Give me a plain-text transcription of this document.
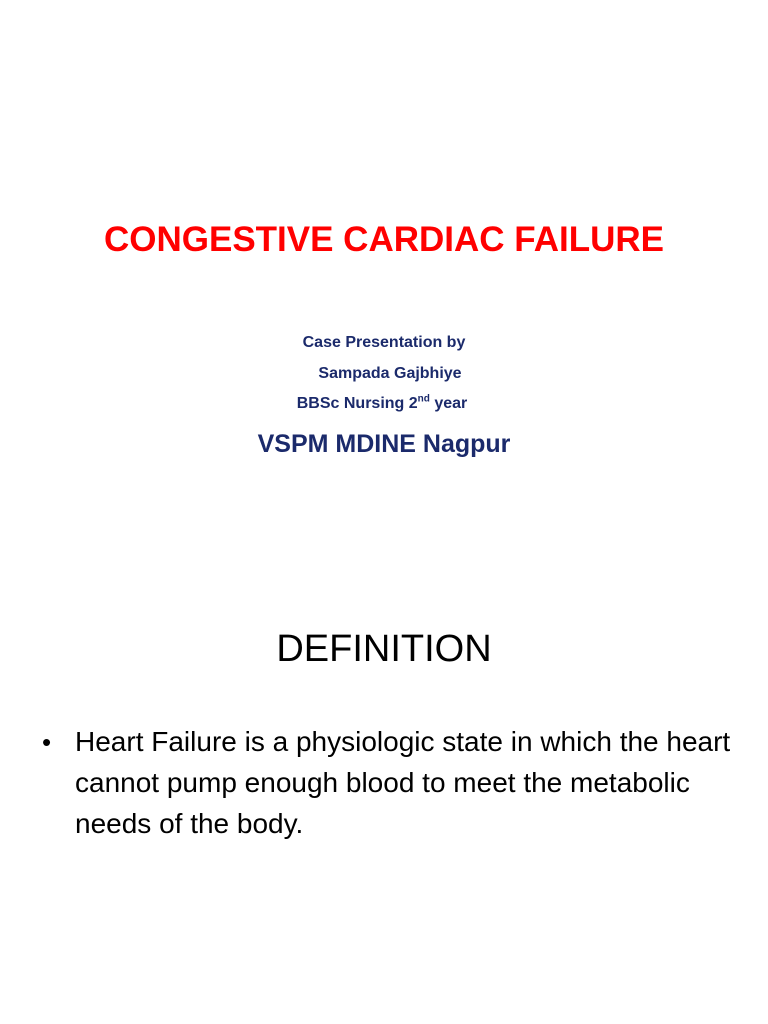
CONGESTIVE CARDIAC FAILURE
Case Presentation by
Sampada Gajbhiye
BBSc Nursing 2nd year
VSPM MDINE Nagpur
DEFINITION
• Heart Failure is a physiologic state in which the heart cannot pump enough blood to meet the metabolic needs of the body.
